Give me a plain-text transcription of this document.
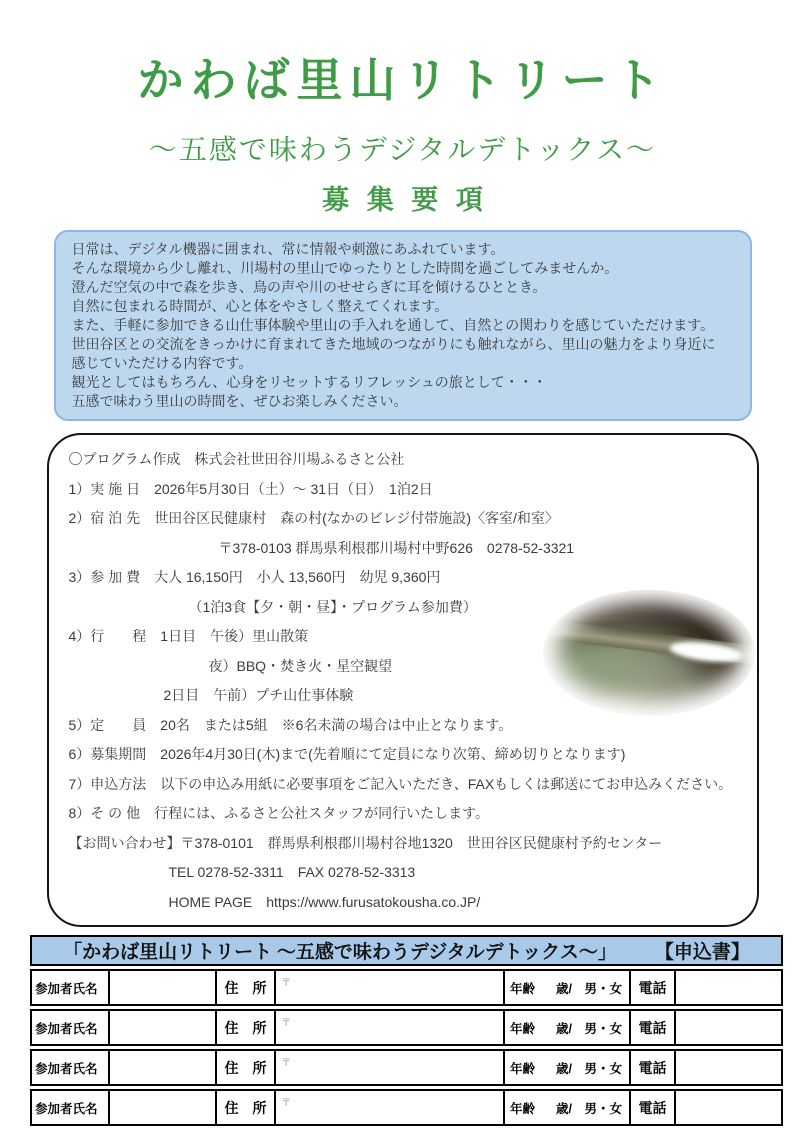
かわば里山リトリート
～五感で味わうデジタルデトックス～
募集要項
日常は、デジタル機器に囲まれ、常に情報や刺激にあふれています。
そんな環境から少し離れ、川場村の里山でゆったりとした時間を過ごしてみませんか。
澄んだ空気の中で森を歩き、鳥の声や川のせせらぎに耳を傾けるひととき。
自然に包まれる時間が、心と体をやさしく整えてくれます。
また、手軽に参加できる山仕事体験や里山の手入れを通して、自然との関わりを感じていただけます。
世田谷区との交流をきっかけに育まれてきた地域のつながりにも触れながら、里山の魅力をより身近に
感じていただける内容です。
観光としてはもちろん、心身をリセットするリフレッシュの旅として・・・
五感で味わう里山の時間を、ぜひお楽しみください。
〇プログラム作成　株式会社世田谷川場ふるさと公社
1）実 施 日　2026年5月30日（土）～ 31日（日）　1泊2日
2）宿 泊 先　世田谷区民健康村　森の村(なかのビレジ付帯施設)〈客室/和室〉
〒378-0103 群馬県利根郡川場村中野626　0278-52-3321
3）参 加 費　大人 16,150円　小人 13,560円　幼児 9,360円
（1泊3食【夕・朝・昼】・プログラム参加費）
4）行　　程　1日目　午後）里山散策
夜）BBQ・焚き火・星空観望
2日目　午前）プチ山仕事体験
5）定　　員　20名　または5組　※6名未満の場合は中止となります。
6）募集期間　2026年4月30日(木)まで(先着順にて定員になり次第、締め切りとなります)
7）申込方法　以下の申込み用紙に必要事項をご記入いただき、FAXもしくは郵送にてお申込みください。
8）そ の 他　行程には、ふるさと公社スタッフが同行いたします。
【お問い合わせ】〒378-0101　群馬県利根郡川場村谷地1320　世田谷区民健康村予約センター
TEL 0278-52-3311　FAX 0278-52-3313
HOME PAGE　https://www.furusatokousha.co.JP/
「かわば里山リトリート ～五感で味わうデジタルデトックス～」 【申込書】
参加者氏名	住　所	〒	年齢 歳/　男・女	電話
参加者氏名	住　所	〒	年齢 歳/　男・女	電話
参加者氏名	住　所	〒	年齢 歳/　男・女	電話
参加者氏名	住　所	〒	年齢 歳/　男・女	電話
